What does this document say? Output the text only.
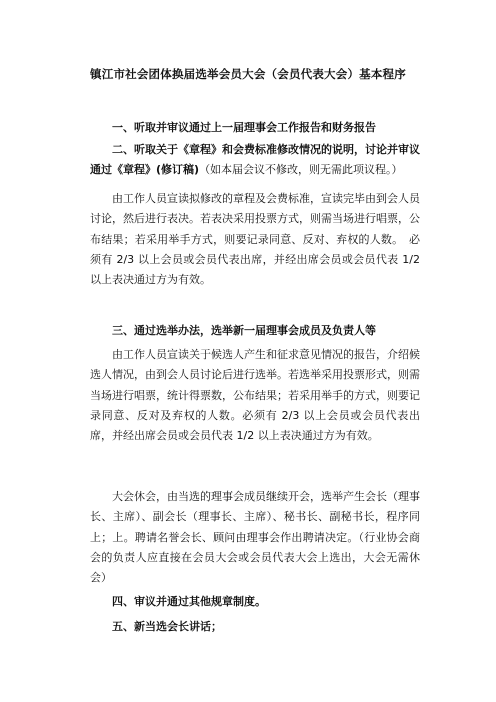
镇江市社会团体换届选举会员大会（会员代表大会）基本程序
一、听取并审议通过上一届理事会工作报告和财务报告
二、听取关于《章程》和会费标准修改情况的说明，讨论并审议通过《章程》(修订稿)（如本届会议不修改，则无需此项议程。）
由工作人员宣读拟修改的章程及会费标准，宣读完毕由到会人员讨论，然后进行表决。若表决采用投票方式，则需当场进行唱票，公布结果；若采用举手方式，则要记录同意、反对、弃权的人数。　必须有 2/3 以上会员或会员代表出席，并经出席会员或会员代表 1/2 以上表决通过方为有效。
三、通过选举办法，选举新一届理事会成员及负责人等
由工作人员宣读关于候选人产生和征求意见情况的报告，介绍候选人情况，由到会人员讨论后进行选举。若选举采用投票形式，则需当场进行唱票，统计得票数，公布结果；若采用举手的方式，则要记录同意、反对及弃权的人数。必须有 2/3 以上会员或会员代表出席，并经出席会员或会员代表 1/2 以上表决通过方为有效。
大会休会，由当选的理事会成员继续开会，选举产生会长（理事长、主席）、副会长（理事长、主席）、秘书长、副秘书长，程序同上；上。聘请名誉会长、顾问由理事会作出聘请决定。（行业协会商会的负责人应直接在会员大会或会员代表大会上选出，大会无需休会）
四、审议并通过其他规章制度。
五、新当选会长讲话；
